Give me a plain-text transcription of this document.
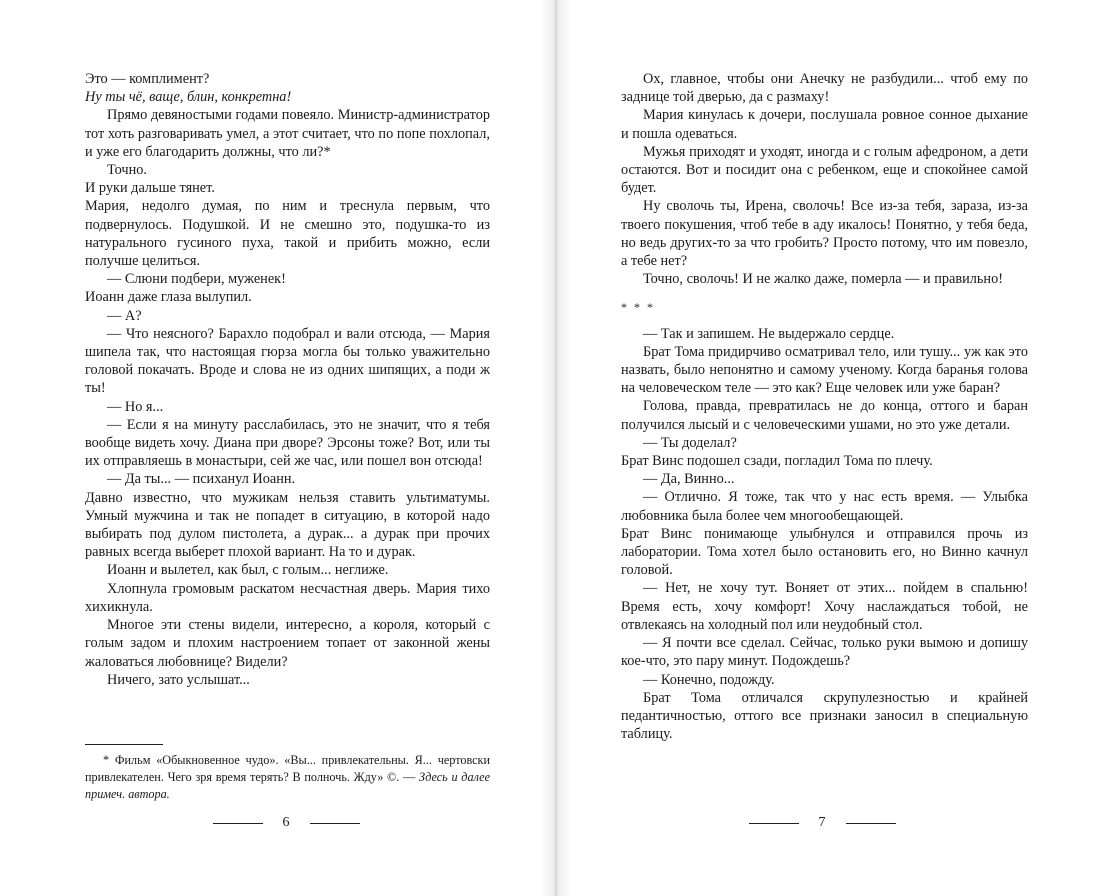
Это — комплимент?

Ну ты чё, ваще, блин, конкретна!

Прямо девяностыми годами повеяло. Министр-администратор тот хоть разговаривать умел, а этот считает, что по попе похлопал, и уже его благодарить должны, что ли?*

Точно.

И руки дальше тянет.

Мария, недолго думая, по ним и треснула первым, что подвернулось. Подушкой. И не смешно это, подушка-то из натурального гусиного пуха, такой и прибить можно, если получше целиться.

— Слюни подбери, муженек!

Иоанн даже глаза вылупил.

— А?

— Что неясного? Барахло подобрал и вали отсюда, — Мария шипела так, что настоящая гюрза могла бы только уважительно головой покачать. Вроде и слова не из одних шипящих, а поди ж ты!

— Но я...

— Если я на минуту расслабилась, это не значит, что я тебя вообще видеть хочу. Диана при дворе? Эрсоны тоже? Вот, или ты их отправляешь в монастыри, сей же час, или пошел вон отсюда!

— Да ты... — психанул Иоанн.

Давно известно, что мужикам нельзя ставить ультиматумы. Умный мужчина и так не попадет в ситуацию, в которой надо выбирать под дулом пистолета, а дурак... а дурак при прочих равных всегда выберет плохой вариант. На то и дурак.

Иоанн и вылетел, как был, с голым... неглиже.

Хлопнула громовым раскатом несчастная дверь. Мария тихо хихикнула.

Многое эти стены видели, интересно, а короля, который с голым задом и плохим настроением топает от законной жены жаловаться любовнице? Видели?

Ничего, зато услышат...

* Фильм «Обыкновенное чудо». «Вы... привлекательны. Я... чертовски привлекателен. Чего зря время терять? В полночь. Жду» ©. — Здесь и далее примеч. автора.

6

Ох, главное, чтобы они Анечку не разбудили... чтоб ему по заднице той дверью, да с размаху!

Мария кинулась к дочери, послушала ровное сонное дыхание и пошла одеваться.

Мужья приходят и уходят, иногда и с голым афедроном, а дети остаются. Вот и посидит она с ребенком, еще и спокойнее самой будет.

Ну сволочь ты, Ирена, сволочь! Все из-за тебя, зараза, из-за твоего покушения, чтоб тебе в аду икалось! Понятно, у тебя беда, но ведь других-то за что гробить? Просто потому, что им повезло, а тебе нет?

Точно, сволочь! И не жалко даже, померла — и правильно!

* * *

— Так и запишем. Не выдержало сердце.

Брат Тома придирчиво осматривал тело, или тушу... уж как это назвать, было непонятно и самому ученому. Когда баранья голова на человеческом теле — это как? Еще человек или уже баран?

Голова, правда, превратилась не до конца, оттого и баран получился лысый и с человеческими ушами, но это уже детали.

— Ты доделал?

Брат Винс подошел сзади, погладил Тома по плечу.

— Да, Винно...

— Отлично. Я тоже, так что у нас есть время. — Улыбка любовника была более чем многообещающей.

Брат Винс понимающе улыбнулся и отправился прочь из лаборатории. Тома хотел было остановить его, но Винно качнул головой.

— Нет, не хочу тут. Воняет от этих... пойдем в спальню! Время есть, хочу комфорт! Хочу наслаждаться тобой, не отвлекаясь на холодный пол или неудобный стол.

— Я почти все сделал. Сейчас, только руки вымою и допишу кое-что, это пару минут. Подождешь?

— Конечно, подожду.

Брат Тома отличался скрупулезностью и крайней педантичностью, оттого все признаки заносил в специальную таблицу.

7
